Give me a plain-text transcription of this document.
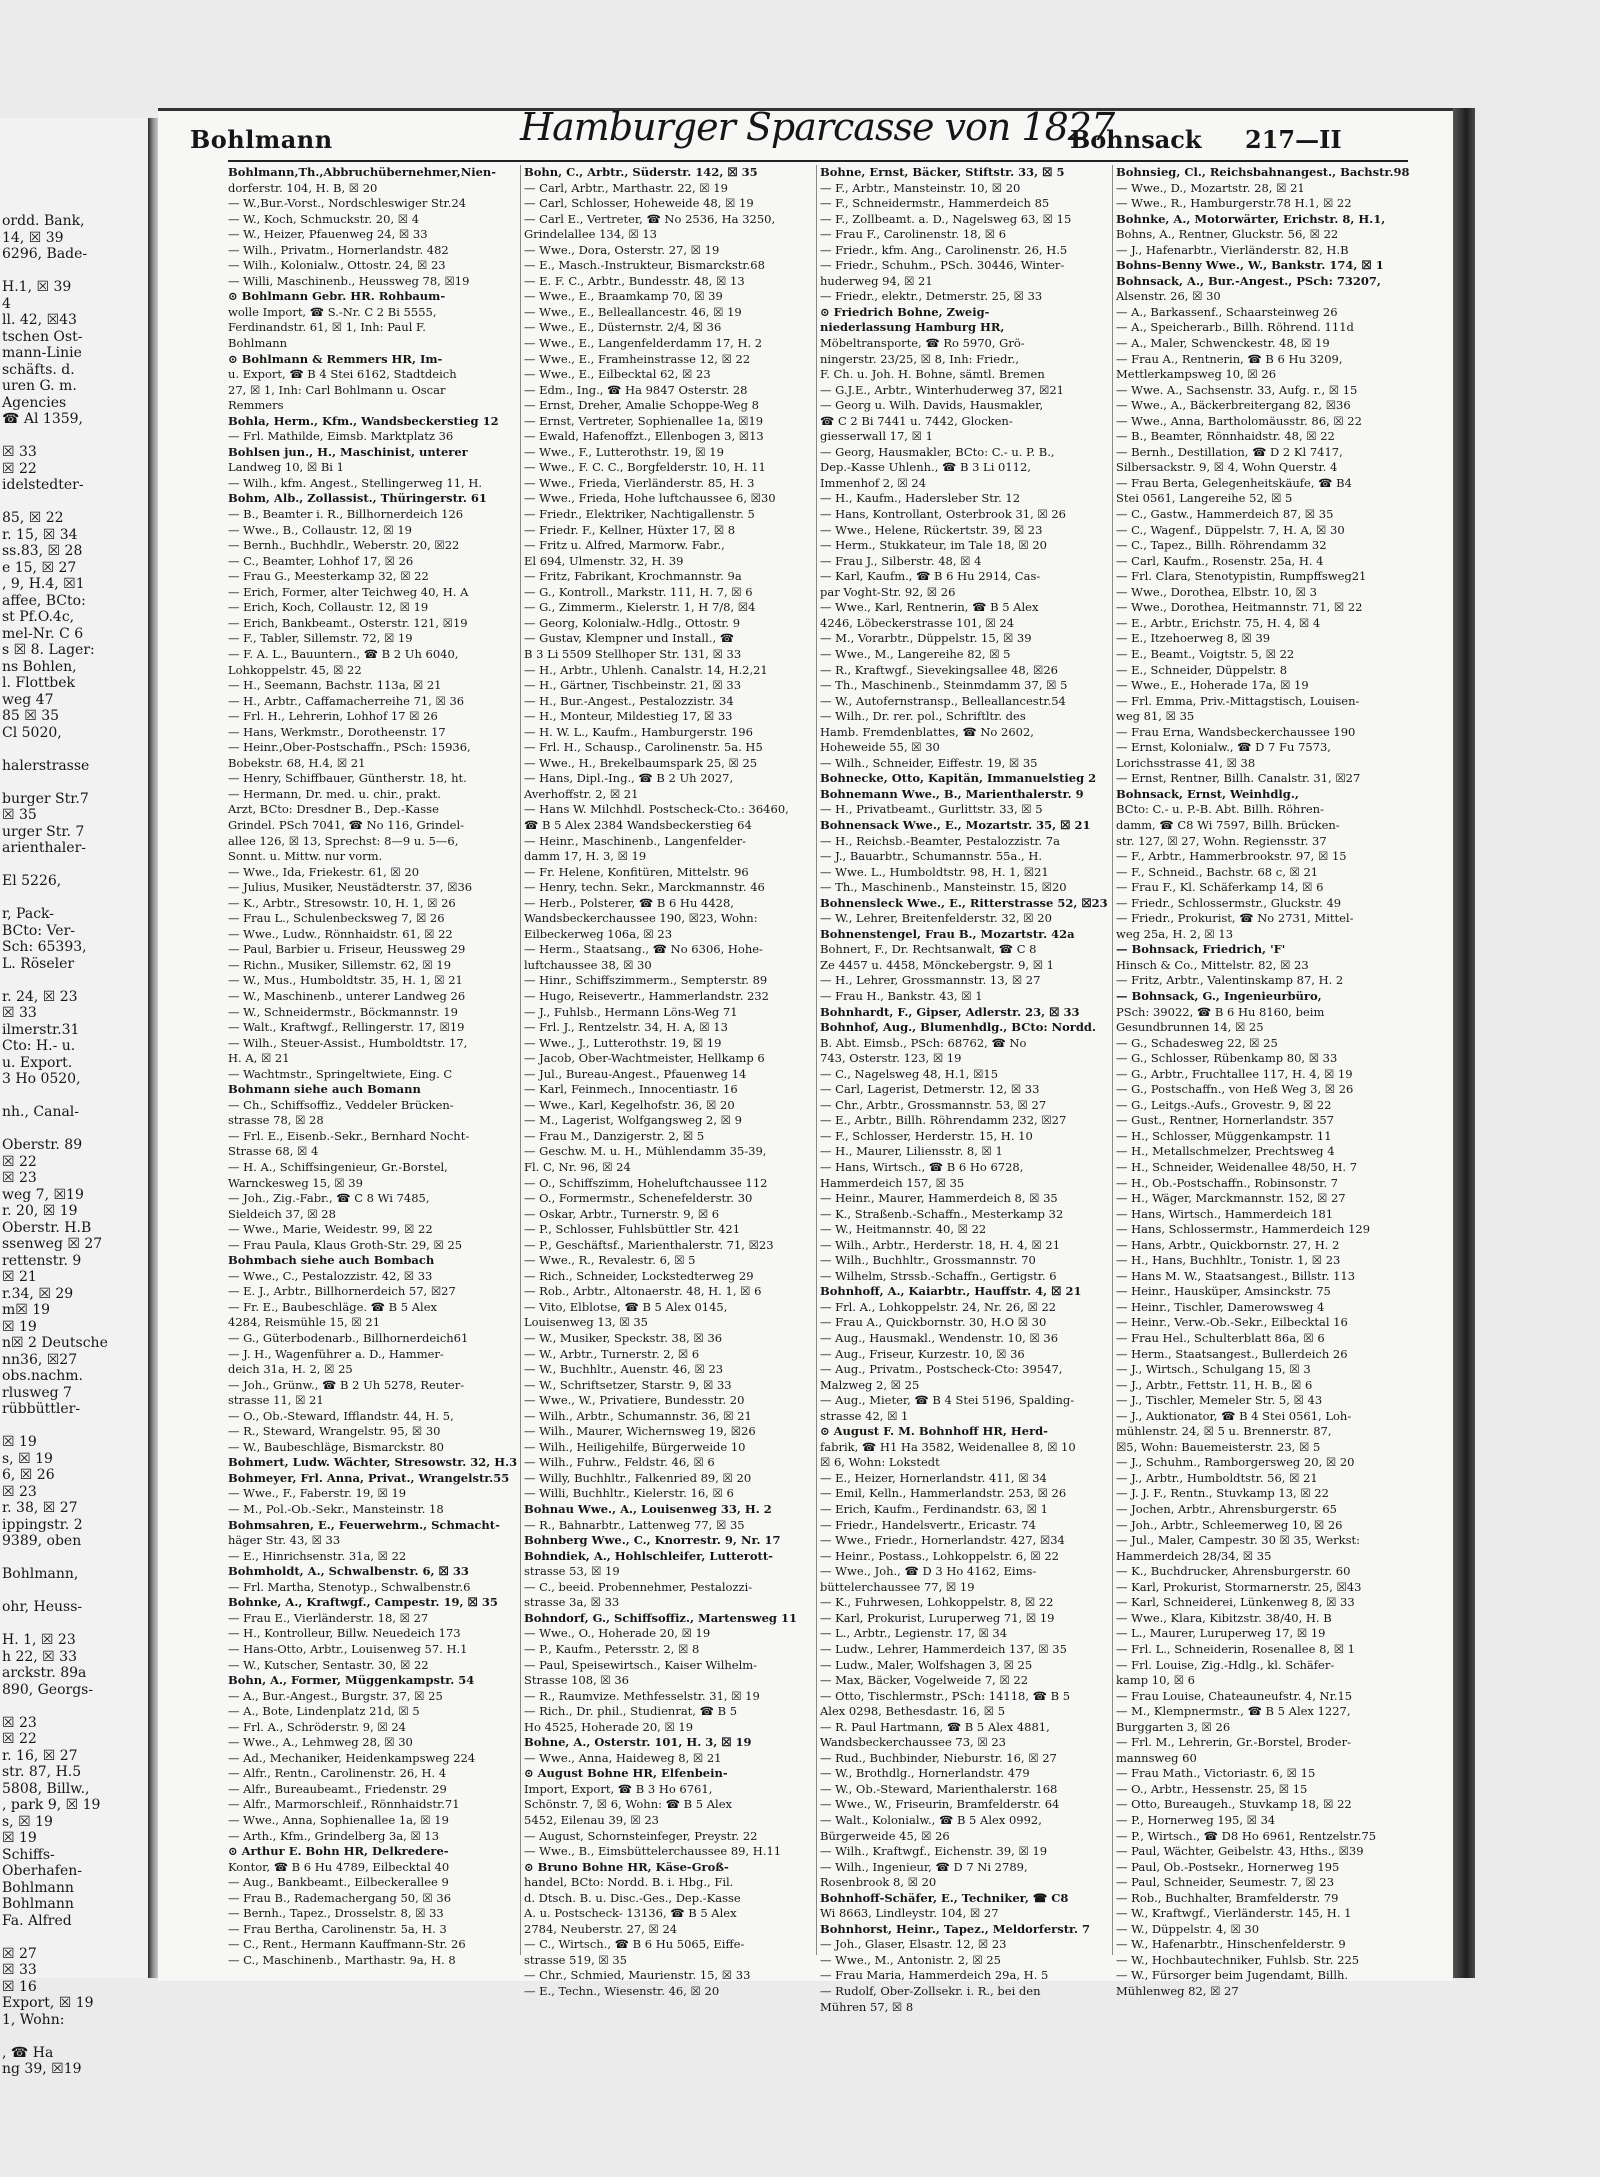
ordd. Bank,
14, ☒ 39
6296, Bade-
H.1, ☒ 39
4
ll. 42, ☒43
tschen Ost-
mann-Linie
schäfts. d.
uren G. m.
Agencies
☎ Al 1359,
☒ 33
☒ 22
idelstedter-
85, ☒ 22
r. 15, ☒ 34
ss.83, ☒ 28
e 15, ☒ 27
, 9, H.4, ☒1
affee, BCto:
st Pf.O.4c,
mel-Nr. C 6
s ☒ 8. Lager:
ns Bohlen,
l. Flottbek
weg 47
85 ☒ 35
Cl 5020,
halerstrasse
burger Str.7
☒ 35
urger Str. 7
arienthaler-
El 5226,
r, Pack-
BCto: Ver-
Sch: 65393,
L. Röseler
r. 24, ☒ 23
☒ 33
ilmerstr.31
Cto: H.- u.
u. Export.
3 Ho 0520,
nh., Canal-
Oberstr. 89
☒ 22
☒ 23
weg 7, ☒19
r. 20, ☒ 19
Oberstr. H.B
ssenweg ☒ 27
rettenstr. 9
☒ 21
r.34, ☒ 29
m☒ 19
☒ 19
n☒ 2 Deutsche
nn36, ☒27
obs.nachm.
rlusweg 7
rübbüttler-
☒ 19
s, ☒ 19
6, ☒ 26
☒ 23
r. 38, ☒ 27
ippingstr. 2
9389, oben
Bohlmann,
ohr, Heuss-
H. 1, ☒ 23
h 22, ☒ 33
arckstr. 89a
890, Georgs-
☒ 23
☒ 22
r. 16, ☒ 27
str. 87, H.5
5808, Billw.,
, park 9, ☒ 19
s, ☒ 19
☒ 19
Schiffs-
Oberhafen-
Bohlmann
Bohlmann
Fa. Alfred
☒ 27
☒ 33
☒ 16
Export, ☒ 19
1, Wohn:
, ☎ Ha
ng 39, ☒19
Bohlmann	Hamburger Sparcasse von 1827
Bohnsack 217—II
Bohlmann,Th.,Abbruchübernehmer,Nien-
dorferstr. 104, H. B, ☒ 20
— W.,Bur.-Vorst., Nordschleswiger Str.24
— W., Koch, Schmuckstr. 20, ☒ 4
— W., Heizer, Pfauenweg 24, ☒ 33
— Wilh., Privatm., Hornerlandstr. 482
— Wilh., Kolonialw., Ottostr. 24, ☒ 23
— Willi, Maschinenb., Heussweg 78, ☒19
⊙ Bohlmann Gebr. HR. Rohbaum-
wolle Import, ☎ S.-Nr. C 2 Bi 5555,
Ferdinandstr. 61, ☒ 1, Inh: Paul F.
Bohlmann
⊙ Bohlmann & Remmers HR, Im-
u. Export, ☎ B 4 Stei 6162, Stadtdeich
27, ☒ 1, Inh: Carl Bohlmann u. Oscar
Remmers
Bohla, Herm., Kfm., Wandsbeckerstieg 12
— Frl. Mathilde, Eimsb. Marktplatz 36
Bohlsen jun., H., Maschinist, unterer
Landweg 10, ☒ Bi 1
— Wilh., kfm. Angest., Stellingerweg 11, H.
Bohm, Alb., Zollassist., Thüringerstr. 61
— B., Beamter i. R., Billhornerdeich 126
— Wwe., B., Collaustr. 12, ☒ 19
— Bernh., Buchhdlr., Weberstr. 20, ☒22
— C., Beamter, Lohhof 17, ☒ 26
— Frau G., Meesterkamp 32, ☒ 22
— Erich, Former, alter Teichweg 40, H. A
— Erich, Koch, Collaustr. 12, ☒ 19
— Erich, Bankbeamt., Osterstr. 121, ☒19
— F., Tabler, Sillemstr. 72, ☒ 19
— F. A. L., Bauuntern., ☎ B 2 Uh 6040,
Lohkoppelstr. 45, ☒ 22
— H., Seemann, Bachstr. 113a, ☒ 21
— H., Arbtr., Caffamacherreihe 71, ☒ 36
— Frl. H., Lehrerin, Lohhof 17 ☒ 26
— Hans, Werkmstr., Dorotheenstr. 17
— Heinr.,Ober-Postschaffn., PSch: 15936,
Bobekstr. 68, H.4, ☒ 21
— Henry, Schiffbauer, Güntherstr. 18, ht.
— Hermann, Dr. med. u. chir., prakt.
Arzt, BCto: Dresdner B., Dep.-Kasse
Grindel. PSch 7041, ☎ No 116, Grindel-
allee 126, ☒ 13, Sprechst: 8—9 u. 5—6,
Sonnt. u. Mittw. nur vorm.
— Wwe., Ida, Friekestr. 61, ☒ 20
— Julius, Musiker, Neustädterstr. 37, ☒36
— K., Arbtr., Stresowstr. 10, H. 1, ☒ 26
— Frau L., Schulenbecksweg 7, ☒ 26
— Wwe., Ludw., Rönnhaidstr. 61, ☒ 22
— Paul, Barbier u. Friseur, Heussweg 29
— Richn., Musiker, Sillemstr. 62, ☒ 19
— W., Mus., Humboldtstr. 35, H. 1, ☒ 21
— W., Maschinenb., unterer Landweg 26
— W., Schneidermstr., Böckmannstr. 19
— Walt., Kraftwgf., Rellingerstr. 17, ☒19
— Wilh., Steuer-Assist., Humboldtstr. 17,
H. A, ☒ 21
— Wachtmstr., Springeltwiete, Eing. C
Bohmann siehe auch Bomann
— Ch., Schiffsoffiz., Veddeler Brücken-
strasse 78, ☒ 28
— Frl. E., Eisenb.-Sekr., Bernhard Nocht-
Strasse 68, ☒ 4
— H. A., Schiffsingenieur, Gr.-Borstel,
Warnckesweg 15, ☒ 39
— Joh., Zig.-Fabr., ☎ C 8 Wi 7485,
Sieldeich 37, ☒ 28
— Wwe., Marie, Weidestr. 99, ☒ 22
— Frau Paula, Klaus Groth-Str. 29, ☒ 25
Bohmbach siehe auch Bombach
— Wwe., C., Pestalozzistr. 42, ☒ 33
— E. J., Arbtr., Billhornerdeich 57, ☒27
— Fr. E., Baubeschläge. ☎ B 5 Alex
4284, Reismühle 15, ☒ 21
— G., Güterbodenarb., Billhornerdeich61
— J. H., Wagenführer a. D., Hammer-
deich 31a, H. 2, ☒ 25
— Joh., Grünw., ☎ B 2 Uh 5278, Reuter-
strasse 11, ☒ 21
— O., Ob.-Steward, Ifflandstr. 44, H. 5,
— R., Steward, Wrangelstr. 95, ☒ 30
— W., Baubeschläge, Bismarckstr. 80
Bohmert, Ludw. Wächter, Stresowstr. 32, H.3
Bohmeyer, Frl. Anna, Privat., Wrangelstr.55
— Wwe., F., Faberstr. 19, ☒ 19
— M., Pol.-Ob.-Sekr., Mansteinstr. 18
Bohmsahren, E., Feuerwehrm., Schmacht-
häger Str. 43, ☒ 33
— E., Hinrichsenstr. 31a, ☒ 22
Bohmholdt, A., Schwalbenstr. 6, ☒ 33
— Frl. Martha, Stenotyp., Schwalbenstr.6
Bohnke, A., Kraftwgf., Campestr. 19, ☒ 35
— Frau E., Vierländerstr. 18, ☒ 27
— H., Kontrolleur, Billw. Neuedeich 173
— Hans-Otto, Arbtr., Louisenweg 57. H.1
— W., Kutscher, Sentastr. 30, ☒ 22
Bohn, A., Former, Müggenkampstr. 54
— A., Bur.-Angest., Burgstr. 37, ☒ 25
— A., Bote, Lindenplatz 21d, ☒ 5
— Frl. A., Schröderstr. 9, ☒ 24
— Wwe., A., Lehmweg 28, ☒ 30
— Ad., Mechaniker, Heidenkampsweg 224
— Alfr., Rentn., Carolinenstr. 26, H. 4
— Alfr., Bureaubeamt., Friedenstr. 29
— Alfr., Marmorschleif., Rönnhaidstr.71
— Wwe., Anna, Sophienallee 1a, ☒ 19
— Arth., Kfm., Grindelberg 3a, ☒ 13
⊙ Arthur E. Bohn HR, Delkredere-
Kontor, ☎ B 6 Hu 4789, Eilbecktal 40
— Aug., Bankbeamt., Eilbeckerallee 9
— Frau B., Rademachergang 50, ☒ 36
— Bernh., Tapez., Drosselstr. 8, ☒ 33
— Frau Bertha, Carolinenstr. 5a, H. 3
— C., Rent., Hermann Kauffmann-Str. 26
— C., Maschinenb., Marthastr. 9a, H. 8
Bohn, C., Arbtr., Süderstr. 142, ☒ 35
— Carl, Arbtr., Marthastr. 22, ☒ 19
— Carl, Schlosser, Hoheweide 48, ☒ 19
— Carl E., Vertreter, ☎ No 2536, Ha 3250,
Grindelallee 134, ☒ 13
— Wwe., Dora, Osterstr. 27, ☒ 19
— E., Masch.-Instrukteur, Bismarckstr.68
— E. F. C., Arbtr., Bundesstr. 48, ☒ 13
— Wwe., E., Braamkamp 70, ☒ 39
— Wwe., E., Belleallancestr. 46, ☒ 19
— Wwe., E., Düsternstr. 2/4, ☒ 36
— Wwe., E., Langenfelderdamm 17, H. 2
— Wwe., E., Framheinstrasse 12, ☒ 22
— Wwe., E., Eilbecktal 62, ☒ 23
— Edm., Ing., ☎ Ha 9847 Osterstr. 28
— Ernst, Dreher, Amalie Schoppe-Weg 8
— Ernst, Vertreter, Sophienallee 1a, ☒19
— Ewald, Hafenoffzt., Ellenbogen 3, ☒13
— Wwe., F., Lutterothstr. 19, ☒ 19
— Wwe., F. C. C., Borgfelderstr. 10, H. 11
— Wwe., Frieda, Vierländerstr. 85, H. 3
— Wwe., Frieda, Hohe luftchaussee 6, ☒30
— Friedr., Elektriker, Nachtigallenstr. 5
— Friedr. F., Kellner, Hüxter 17, ☒ 8
— Fritz u. Alfred, Marmorw. Fabr.,
El 694, Ulmenstr. 32, H. 39
— Fritz, Fabrikant, Krochmannstr. 9a
— G., Kontroll., Markstr. 111, H. 7, ☒ 6
— G., Zimmerm., Kielerstr. 1, H 7/8, ☒4
— Georg, Kolonialw.-Hdlg., Ottostr. 9
— Gustav, Klempner und Install., ☎
B 3 Li 5509 Stellhoper Str. 131, ☒ 33
— H., Arbtr., Uhlenh. Canalstr. 14, H.2,21
— H., Gärtner, Tischbeinstr. 21, ☒ 33
— H., Bur.-Angest., Pestalozzistr. 34
— H., Monteur, Mildestieg 17, ☒ 33
— H. W. L., Kaufm., Hamburgerstr. 196
— Frl. H., Schausp., Carolinenstr. 5a. H5
— Wwe., H., Brekelbaumspark 25, ☒ 25
— Hans, Dipl.-Ing., ☎ B 2 Uh 2027,
Averhoffstr. 2, ☒ 21
— Hans W. Milchhdl. Postscheck-Cto.: 36460,
☎ B 5 Alex 2384 Wandsbeckerstieg 64
— Heinr., Maschinenb., Langenfelder-
damm 17, H. 3, ☒ 19
— Fr. Helene, Konfitüren, Mittelstr. 96
— Henry, techn. Sekr., Marckmannstr. 46
— Herb., Polsterer, ☎ B 6 Hu 4428,
Wandsbeckerchaussee 190, ☒23, Wohn:
Eilbeckerweg 106a, ☒ 23
— Herm., Staatsang., ☎ No 6306, Hohe-
luftchaussee 38, ☒ 30
— Hinr., Schiffszimmerm., Sempterstr. 89
— Hugo, Reisevertr., Hammerlandstr. 232
— J., Fuhlsb., Hermann Löns-Weg 71
— Frl. J., Rentzelstr. 34, H. A, ☒ 13
— Wwe., J., Lutterothstr. 19, ☒ 19
— Jacob, Ober-Wachtmeister, Hellkamp 6
— Jul., Bureau-Angest., Pfauenweg 14
— Karl, Feinmech., Innocentiastr. 16
— Wwe., Karl, Kegelhofstr. 36, ☒ 20
— M., Lagerist, Wolfgangsweg 2, ☒ 9
— Frau M., Danzigerstr. 2, ☒ 5
— Geschw. M. u. H., Mühlendamm 35-39,
Fl. C, Nr. 96, ☒ 24
— O., Schiffszimm, Hoheluftchaussee 112
— O., Formermstr., Schenefelderstr. 30
— Oskar, Arbtr., Turnerstr. 9, ☒ 6
— P., Schlosser, Fuhlsbüttler Str. 421
— P., Geschäftsf., Marienthalerstr. 71, ☒23
— Wwe., R., Revalestr. 6, ☒ 5
— Rich., Schneider, Lockstedterweg 29
— Rob., Arbtr., Altonaerstr. 48, H. 1, ☒ 6
— Vito, Elblotse, ☎ B 5 Alex 0145,
Louisenweg 13, ☒ 35
— W., Musiker, Speckstr. 38, ☒ 36
— W., Arbtr., Turnerstr. 2, ☒ 6
— W., Buchhltr., Auenstr. 46, ☒ 23
— W., Schriftsetzer, Starstr. 9, ☒ 33
— Wwe., W., Privatiere, Bundesstr. 20
— Wilh., Arbtr., Schumannstr. 36, ☒ 21
— Wilh., Maurer, Wichernsweg 19, ☒26
— Wilh., Heiligehilfe, Bürgerweide 10
— Wilh., Fuhrw., Feldstr. 46, ☒ 6
— Willy, Buchhltr., Falkenried 89, ☒ 20
— Willi, Buchhltr., Kielerstr. 16, ☒ 6
Bohnau Wwe., A., Louisenweg 33, H. 2
— R., Bahnarbtr., Lattenweg 77, ☒ 35
Bohnberg Wwe., C., Knorrestr. 9, Nr. 17
Bohndiek, A., Hohlschleifer, Lutterott-
strasse 53, ☒ 19
— C., beeid. Probennehmer, Pestalozzi-
strasse 3a, ☒ 33
Bohndorf, G., Schiffsoffiz., Martensweg 11
— Wwe., O., Hoherade 20, ☒ 19
— P., Kaufm., Petersstr. 2, ☒ 8
— Paul, Speisewirtsch., Kaiser Wilhelm-
Strasse 108, ☒ 36
— R., Raumvize. Methfesselstr. 31, ☒ 19
— Rich., Dr. phil., Studienrat, ☎ B 5
Ho 4525, Hoherade 20, ☒ 19
Bohne, A., Osterstr. 101, H. 3, ☒ 19
— Wwe., Anna, Haideweg 8, ☒ 21
⊙ August Bohne HR, Elfenbein-
Import, Export, ☎ B 3 Ho 6761,
Schönstr. 7, ☒ 6, Wohn: ☎ B 5 Alex
5452, Eilenau 39, ☒ 23
— August, Schornsteinfeger, Preystr. 22
— Wwe., B., Eimsbüttelerchaussee 89, H.11
⊙ Bruno Bohne HR, Käse-Groß-
handel, BCto: Nordd. B. i. Hbg., Fil.
d. Dtsch. B. u. Disc.-Ges., Dep.-Kasse
A. u. Postscheck- 13136, ☎ B 5 Alex
2784, Neuberstr. 27, ☒ 24
— C., Wirtsch., ☎ B 6 Hu 5065, Eiffe-
strasse 519, ☒ 35
— Chr., Schmied, Maurienstr. 15, ☒ 33
— E., Techn., Wiesenstr. 46, ☒ 20
Bohne, Ernst, Bäcker, Stiftstr. 33, ☒ 5
— F., Arbtr., Mansteinstr. 10, ☒ 20
— F., Schneidermstr., Hammerdeich 85
— F., Zollbeamt. a. D., Nagelsweg 63, ☒ 15
— Frau F., Carolinenstr. 18, ☒ 6
— Friedr., kfm. Ang., Carolinenstr. 26, H.5
— Friedr., Schuhm., PSch. 30446, Winter-
huderweg 94, ☒ 21
— Friedr., elektr., Detmerstr. 25, ☒ 33
⊙ Friedrich Bohne, Zweig-
niederlassung Hamburg HR,
Möbeltransporte, ☎ Ro 5970, Grö-
ningerstr. 23/25, ☒ 8, Inh: Friedr.,
F. Ch. u. Joh. H. Bohne, sämtl. Bremen
— G.J.E., Arbtr., Winterhuderweg 37, ☒21
— Georg u. Wilh. Davids, Hausmakler,
☎ C 2 Bi 7441 u. 7442, Glocken-
giesserwall 17, ☒ 1
— Georg, Hausmakler, BCto: C.- u. P. B.,
Dep.-Kasse Uhlenh., ☎ B 3 Li 0112,
Immenhof 2, ☒ 24
— H., Kaufm., Hadersleber Str. 12
— Hans, Kontrollant, Osterbrook 31, ☒ 26
— Wwe., Helene, Rückertstr. 39, ☒ 23
— Herm., Stukkateur, im Tale 18, ☒ 20
— Frau J., Silberstr. 48, ☒ 4
— Karl, Kaufm., ☎ B 6 Hu 2914, Cas-
par Voght-Str. 92, ☒ 26
— Wwe., Karl, Rentnerin, ☎ B 5 Alex
4246, Löbeckerstrasse 101, ☒ 24
— M., Vorarbtr., Düppelstr. 15, ☒ 39
— Wwe., M., Langereihe 82, ☒ 5
— R., Kraftwgf., Sievekingsallee 48, ☒26
— Th., Maschinenb., Steinmdamm 37, ☒ 5
— W., Autofernstransp., Belleallancestr.54
— Wilh., Dr. rer. pol., Schriftltr. des
Hamb. Fremdenblattes, ☎ No 2602,
Hoheweide 55, ☒ 30
— Wilh., Schneider, Eiffestr. 19, ☒ 35
Bohnecke, Otto, Kapitän, Immanuelstieg 2
Bohnemann Wwe., B., Marienthalerstr. 9
— H., Privatbeamt., Gurlittstr. 33, ☒ 5
Bohnensack Wwe., E., Mozartstr. 35, ☒ 21
— H., Reichsb.-Beamter, Pestalozzistr. 7a
— J., Bauarbtr., Schumannstr. 55a., H.
— Wwe. L., Humboldtstr. 98, H. 1, ☒21
— Th., Maschinenb., Mansteinstr. 15, ☒20
Bohnensleck Wwe., E., Ritterstrasse 52, ☒23
— W., Lehrer, Breitenfelderstr. 32, ☒ 20
Bohnenstengel, Frau B., Mozartstr. 42a
Bohnert, F., Dr. Rechtsanwalt, ☎ C 8
Ze 4457 u. 4458, Mönckebergstr. 9, ☒ 1
— H., Lehrer, Grossmannstr. 13, ☒ 27
— Frau H., Bankstr. 43, ☒ 1
Bohnhardt, F., Gipser, Adlerstr. 23, ☒ 33
Bohnhof, Aug., Blumenhdlg., BCto: Nordd.
B. Abt. Eimsb., PSch: 68762, ☎ No
743, Osterstr. 123, ☒ 19
— C., Nagelsweg 48, H.1, ☒15
— Carl, Lagerist, Detmerstr. 12, ☒ 33
— Chr., Arbtr., Grossmannstr. 53, ☒ 27
— E., Arbtr., Billh. Röhrendamm 232, ☒27
— F., Schlosser, Herderstr. 15, H. 10
— H., Maurer, Liliensstr. 8, ☒ 1
— Hans, Wirtsch., ☎ B 6 Ho 6728,
Hammerdeich 157, ☒ 35
— Heinr., Maurer, Hammerdeich 8, ☒ 35
— K., Straßenb.-Schaffn., Mesterkamp 32
— W., Heitmannstr. 40, ☒ 22
— Wilh., Arbtr., Herderstr. 18, H. 4, ☒ 21
— Wilh., Buchhltr., Grossmannstr. 70
— Wilhelm, Strssb.-Schaffn., Gertigstr. 6
Bohnhoff, A., Kaiarbtr., Hauffstr. 4, ☒ 21
— Frl. A., Lohkoppelstr. 24, Nr. 26, ☒ 22
— Frau A., Quickbornstr. 30, H.O ☒ 30
— Aug., Hausmakl., Wendenstr. 10, ☒ 36
— Aug., Friseur, Kurzestr. 10, ☒ 36
— Aug., Privatm., Postscheck-Cto: 39547,
Malzweg 2, ☒ 25
— Aug., Mieter, ☎ B 4 Stei 5196, Spalding-
strasse 42, ☒ 1
⊙ August F. M. Bohnhoff HR, Herd-
fabrik, ☎ H1 Ha 3582, Weidenallee 8, ☒ 10
☒ 6, Wohn: Lokstedt
— E., Heizer, Hornerlandstr. 411, ☒ 34
— Emil, Kelln., Hammerlandstr. 253, ☒ 26
— Erich, Kaufm., Ferdinandstr. 63, ☒ 1
— Friedr., Handelsvertr., Ericastr. 74
— Wwe., Friedr., Hornerlandstr. 427, ☒34
— Heinr., Postass., Lohkoppelstr. 6, ☒ 22
— Wwe., Joh., ☎ D 3 Ho 4162, Eims-
büttelerchaussee 77, ☒ 19
— K., Fuhrwesen, Lohkoppelstr. 8, ☒ 22
— Karl, Prokurist, Luruperweg 71, ☒ 19
— L., Arbtr., Legienstr. 17, ☒ 34
— Ludw., Lehrer, Hammerdeich 137, ☒ 35
— Ludw., Maler, Wolfshagen 3, ☒ 25
— Max, Bäcker, Vogelweide 7, ☒ 22
— Otto, Tischlermstr., PSch: 14118, ☎ B 5
Alex 0298, Bethesdastr. 16, ☒ 5
— R. Paul Hartmann, ☎ B 5 Alex 4881,
Wandsbeckerchaussee 73, ☒ 23
— Rud., Buchbinder, Nieburstr. 16, ☒ 27
— W., Brothdlg., Hornerlandstr. 479
— W., Ob.-Steward, Marienthalerstr. 168
— Wwe., W., Friseurin, Bramfelderstr. 64
— Walt., Kolonialw., ☎ B 5 Alex 0992,
Bürgerweide 45, ☒ 26
— Wilh., Kraftwgf., Eichenstr. 39, ☒ 19
— Wilh., Ingenieur, ☎ D 7 Ni 2789,
Rosenbrook 8, ☒ 20
Bohnhoff-Schäfer, E., Techniker, ☎ C8
Wi 8663, Lindleystr. 104, ☒ 27
Bohnhorst, Heinr., Tapez., Meldorferstr. 7
— Joh., Glaser, Elsastr. 12, ☒ 23
— Wwe., M., Antonistr. 2, ☒ 25
— Frau Maria, Hammerdeich 29a, H. 5
— Rudolf, Ober-Zollsekr. i. R., bei den
Mühren 57, ☒ 8
Bohnsieg, Cl., Reichsbahnangest., Bachstr.98
— Wwe., D., Mozartstr. 28, ☒ 21
— Wwe., R., Hamburgerstr.78 H.1, ☒ 22
Bohnke, A., Motorwärter, Erichstr. 8, H.1,
Bohns, A., Rentner, Gluckstr. 56, ☒ 22
— J., Hafenarbtr., Vierländerstr. 82, H.B
Bohns-Benny Wwe., W., Bankstr. 174, ☒ 1
Bohnsack, A., Bur.-Angest., PSch: 73207,
Alsenstr. 26, ☒ 30
— A., Barkassenf., Schaarsteinweg 26
— A., Speicherarb., Billh. Röhrend. 111d
— A., Maler, Schwenckestr. 48, ☒ 19
— Frau A., Rentnerin, ☎ B 6 Hu 3209,
Mettlerkampsweg 10, ☒ 26
— Wwe. A., Sachsenstr. 33, Aufg. r., ☒ 15
— Wwe., A., Bäckerbreitergang 82, ☒36
— Wwe., Anna, Bartholomäusstr. 86, ☒ 22
— B., Beamter, Rönnhaidstr. 48, ☒ 22
— Bernh., Destillation, ☎ D 2 Kl 7417,
Silbersackstr. 9, ☒ 4, Wohn Querstr. 4
— Frau Berta, Gelegenheitskäufe, ☎ B4
Stei 0561, Langereihe 52, ☒ 5
— C., Gastw., Hammerdeich 87, ☒ 35
— C., Wagenf., Düppelstr. 7, H. A, ☒ 30
— C., Tapez., Billh. Röhrendamm 32
— Carl, Kaufm., Rosenstr. 25a, H. 4
— Frl. Clara, Stenotypistin, Rumpffsweg21
— Wwe., Dorothea, Elbstr. 10, ☒ 3
— Wwe., Dorothea, Heitmannstr. 71, ☒ 22
— E., Arbtr., Erichstr. 75, H. 4, ☒ 4
— E., Itzehoerweg 8, ☒ 39
— E., Beamt., Voigtstr. 5, ☒ 22
— E., Schneider, Düppelstr. 8
— Wwe., E., Hoherade 17a, ☒ 19
— Frl. Emma, Priv.-Mittagstisch, Louisen-
weg 81, ☒ 35
— Frau Erna, Wandsbeckerchaussee 190
— Ernst, Kolonialw., ☎ D 7 Fu 7573,
Lorichsstrasse 41, ☒ 38
— Ernst, Rentner, Billh. Canalstr. 31, ☒27
Bohnsack, Ernst, Weinhdlg.,
BCto: C.- u. P.-B. Abt. Billh. Röhren-
damm, ☎ C8 Wi 7597, Billh. Brücken-
str. 127, ☒ 27, Wohn. Regiensstr. 37
— F., Arbtr., Hammerbrookstr. 97, ☒ 15
— F., Schneid., Bachstr. 68 c, ☒ 21
— Frau F., Kl. Schäferkamp 14, ☒ 6
— Friedr., Schlossermstr., Gluckstr. 49
— Friedr., Prokurist, ☎ No 2731, Mittel-
weg 25a, H. 2, ☒ 13
— Bohnsack, Friedrich, 'F'
Hinsch & Co., Mittelstr. 82, ☒ 23
— Fritz, Arbtr., Valentinskamp 87, H. 2
— Bohnsack, G., Ingenieurbüro,
PSch: 39022, ☎ B 6 Hu 8160, beim
Gesundbrunnen 14, ☒ 25
— G., Schadesweg 22, ☒ 25
— G., Schlosser, Rübenkamp 80, ☒ 33
— G., Arbtr., Fruchtallee 117, H. 4, ☒ 19
— G., Postschaffn., von Heß Weg 3, ☒ 26
— G., Leitgs.-Aufs., Grovestr. 9, ☒ 22
— Gust., Rentner, Hornerlandstr. 357
— H., Schlosser, Müggenkampstr. 11
— H., Metallschmelzer, Prechtsweg 4
— H., Schneider, Weidenallee 48/50, H. 7
— H., Ob.-Postschaffn., Robinsonstr. 7
— H., Wäger, Marckmannstr. 152, ☒ 27
— Hans, Wirtsch., Hammerdeich 181
— Hans, Schlossermstr., Hammerdeich 129
— Hans, Arbtr., Quickbornstr. 27, H. 2
— H., Hans, Buchhltr., Tonistr. 1, ☒ 23
— Hans M. W., Staatsangest., Billstr. 113
— Heinr., Hausküper, Amsinckstr. 75
— Heinr., Tischler, Damerowsweg 4
— Heinr., Verw.-Ob.-Sekr., Eilbecktal 16
— Frau Hel., Schulterblatt 86a, ☒ 6
— Herm., Staatsangest., Bullerdeich 26
— J., Wirtsch., Schulgang 15, ☒ 3
— J., Arbtr., Fettstr. 11, H. B., ☒ 6
— J., Tischler, Memeler Str. 5, ☒ 43
— J., Auktionator, ☎ B 4 Stei 0561, Loh-
mühlenstr. 24, ☒ 5 u. Brennerstr. 87,
☒5, Wohn: Bauemeisterstr. 23, ☒ 5
— J., Schuhm., Ramborgersweg 20, ☒ 20
— J., Arbtr., Humboldtstr. 56, ☒ 21
— J. J. F., Rentn., Stuvkamp 13, ☒ 22
— Jochen, Arbtr., Ahrensburgerstr. 65
— Joh., Arbtr., Schleemerweg 10, ☒ 26
— Jul., Maler, Campestr. 30 ☒ 35, Werkst:
Hammerdeich 28/34, ☒ 35
— K., Buchdrucker, Ahrensburgerstr. 60
— Karl, Prokurist, Stormarnerstr. 25, ☒43
— Karl, Schneiderei, Lünkenweg 8, ☒ 33
— Wwe., Klara, Kibitzstr. 38/40, H. B
— L., Maurer, Luruperweg 17, ☒ 19
— Frl. L., Schneiderin, Rosenallee 8, ☒ 1
— Frl. Louise, Zig.-Hdlg., kl. Schäfer-
kamp 10, ☒ 6
— Frau Louise, Chateauneufstr. 4, Nr.15
— M., Klempnermstr., ☎ B 5 Alex 1227,
Burggarten 3, ☒ 26
— Frl. M., Lehrerin, Gr.-Borstel, Broder-
mannsweg 60
— Frau Math., Victoriastr. 6, ☒ 15
— O., Arbtr., Hessenstr. 25, ☒ 15
— Otto, Bureaugeh., Stuvkamp 18, ☒ 22
— P., Hornerweg 195, ☒ 34
— P., Wirtsch., ☎ D8 Ho 6961, Rentzelstr.75
— Paul, Wächter, Geibelstr. 43, Hths., ☒39
— Paul, Ob.-Postsekr., Hornerweg 195
— Paul, Schneider, Seumestr. 7, ☒ 23
— Rob., Buchhalter, Bramfelderstr. 79
— W., Kraftwgf., Vierländerstr. 145, H. 1
— W., Düppelstr. 4, ☒ 30
— W., Hafenarbtr., Hinschenfelderstr. 9
— W., Hochbautechniker, Fuhlsb. Str. 225
— W., Fürsorger beim Jugendamt, Billh.
Mühlenweg 82, ☒ 27
